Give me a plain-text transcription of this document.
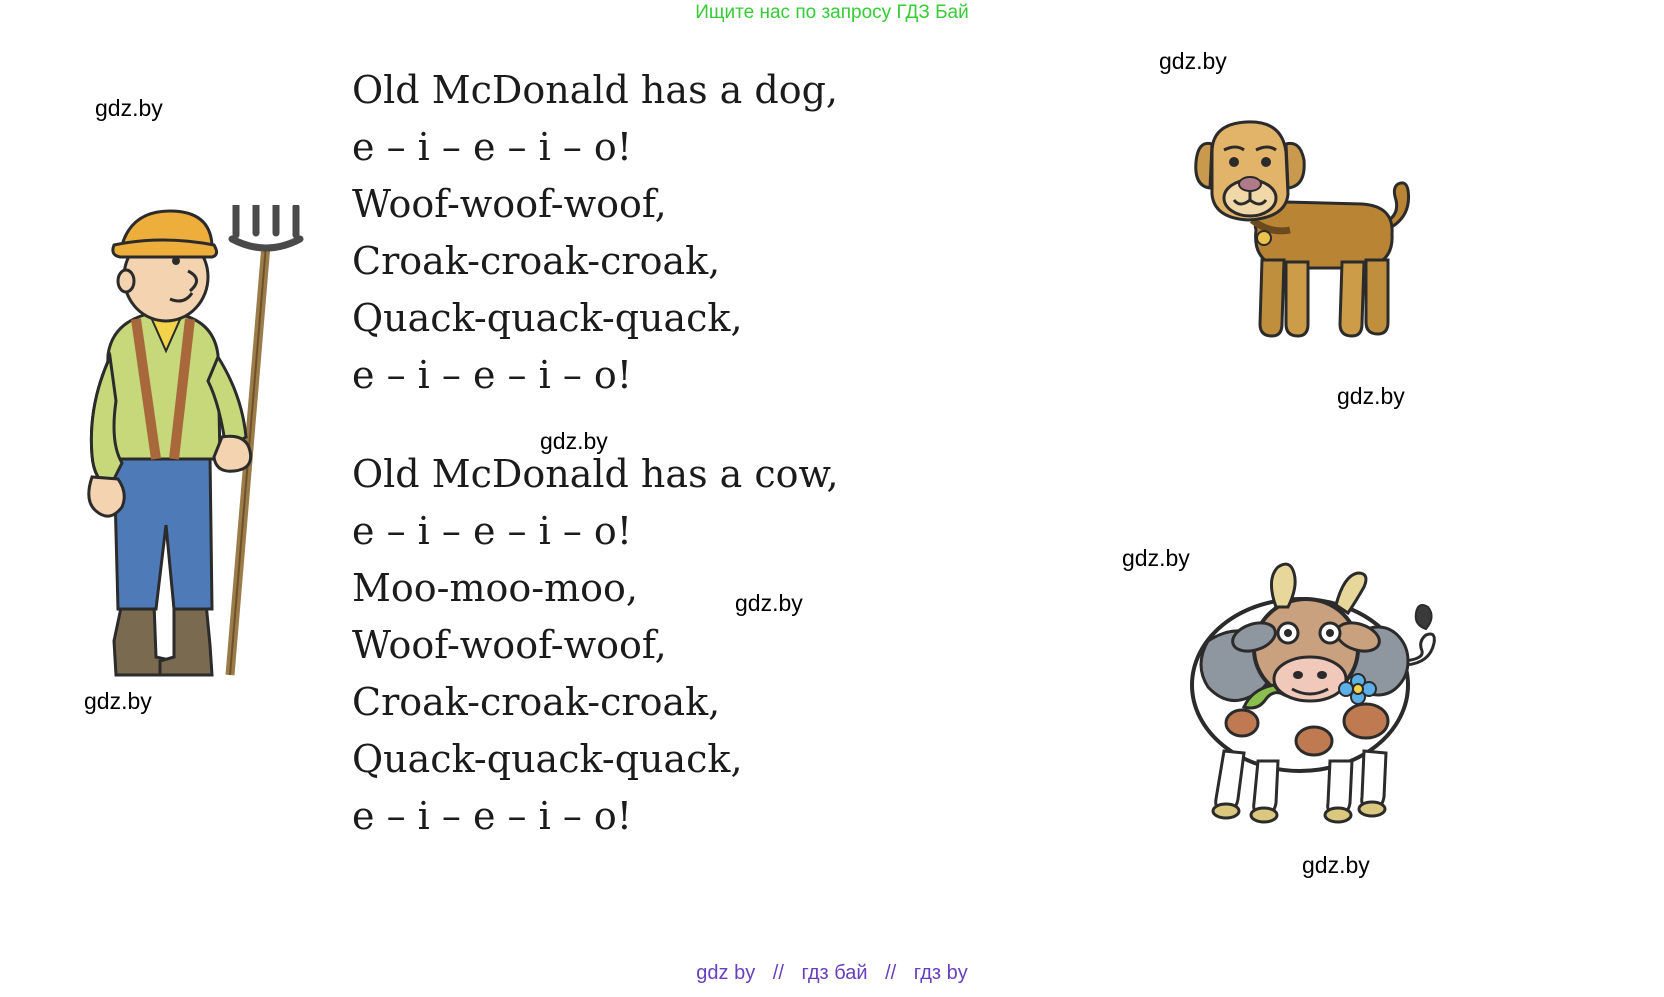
Ищите нас по запросу ГДЗ Бай
gdz.by
gdz.by
gdz.by
gdz.by
gdz.by
gdz.by
gdz.by
gdz.by
Old McDonald has a dog,
e – i – e – i – o!
Woof-woof-woof,
Croak-croak-croak,
Quack-quack-quack,
e – i – e – i – o!
Old McDonald has a cow,
e – i – e – i – o!
Moo-moo-moo,
Woof-woof-woof,
Croak-croak-croak,
Quack-quack-quack,
e – i – e – i – o!
gdz by // гдз бай // гдз by
